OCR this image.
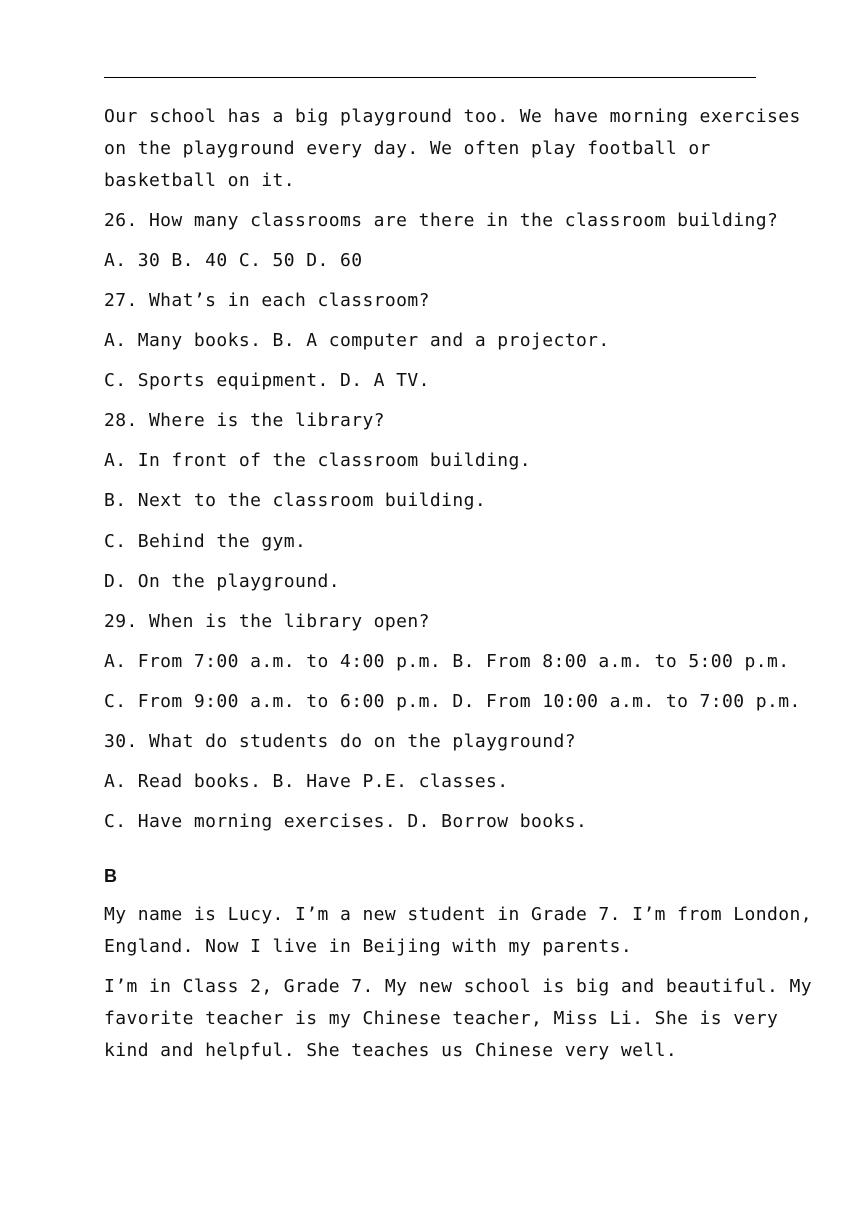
Our school has a big playground too. We have morning exercises
on the playground every day. We often play football or
basketball on it.
26. How many classrooms are there in the classroom building?
A. 30 B. 40 C. 50 D. 60
27. What’s in each classroom?
A. Many books. B. A computer and a projector.
C. Sports equipment. D. A TV.
28. Where is the library?
A. In front of the classroom building.
B. Next to the classroom building.
C. Behind the gym.
D. On the playground.
29. When is the library open?
A. From 7:00 a.m. to 4:00 p.m. B. From 8:00 a.m. to 5:00 p.m.
C. From 9:00 a.m. to 6:00 p.m. D. From 10:00 a.m. to 7:00 p.m.
30. What do students do on the playground?
A. Read books. B. Have P.E. classes.
C. Have morning exercises. D. Borrow books.
B
My name is Lucy. I’m a new student in Grade 7. I’m from London,
England. Now I live in Beijing with my parents.
I’m in Class 2, Grade 7. My new school is big and beautiful. My
favorite teacher is my Chinese teacher, Miss Li. She is very
kind and helpful. She teaches us Chinese very well.
